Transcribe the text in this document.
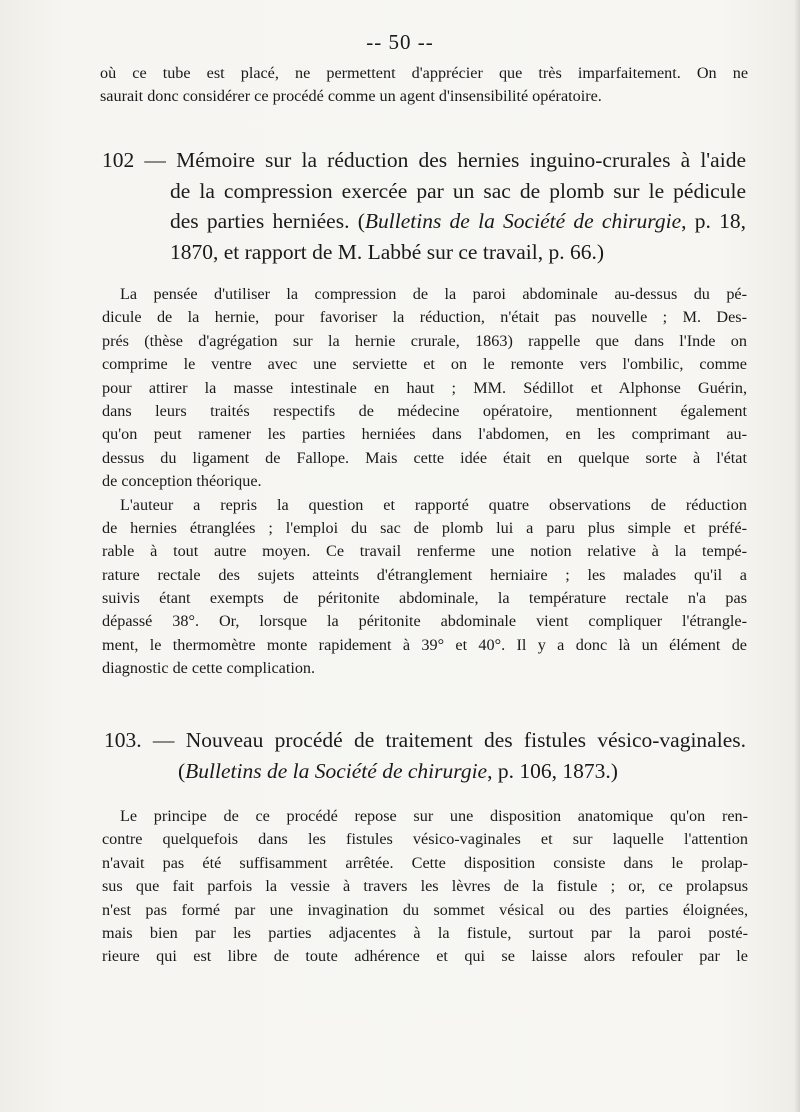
-- 50 --
où ce tube est placé, ne permettent d'apprécier que très imparfaitement. On ne
saurait donc considérer ce procédé comme un agent d'insensibilité opératoire.
102 — Mémoire sur la réduction des hernies inguino-crurales à l'aide
de la compression exercée par un sac de plomb sur le pédicule
des parties herniées. (Bulletins de la Société de chirurgie, p. 18,
1870, et rapport de M. Labbé sur ce travail, p. 66.)
La pensée d'utiliser la compression de la paroi abdominale au-dessus du pé-
dicule de la hernie, pour favoriser la réduction, n'était pas nouvelle ; M. Des-
prés (thèse d'agrégation sur la hernie crurale, 1863) rappelle que dans l'Inde on
comprime le ventre avec une serviette et on le remonte vers l'ombilic, comme
pour attirer la masse intestinale en haut ; MM. Sédillot et Alphonse Guérin,
dans leurs traités respectifs de médecine opératoire, mentionnent également
qu'on peut ramener les parties herniées dans l'abdomen, en les comprimant au-
dessus du ligament de Fallope. Mais cette idée était en quelque sorte à l'état
de conception théorique.
L'auteur a repris la question et rapporté quatre observations de réduction
de hernies étranglées ; l'emploi du sac de plomb lui a paru plus simple et préfé-
rable à tout autre moyen. Ce travail renferme une notion relative à la tempé-
rature rectale des sujets atteints d'étranglement herniaire ; les malades qu'il a
suivis étant exempts de péritonite abdominale, la température rectale n'a pas
dépassé 38°. Or, lorsque la péritonite abdominale vient compliquer l'étrangle-
ment, le thermomètre monte rapidement à 39° et 40°. Il y a donc là un élément de
diagnostic de cette complication.
103. — Nouveau procédé de traitement des fistules vésico-vaginales.
(Bulletins de la Société de chirurgie, p. 106, 1873.)
Le principe de ce procédé repose sur une disposition anatomique qu'on ren-
contre quelquefois dans les fistules vésico-vaginales et sur laquelle l'attention
n'avait pas été suffisamment arrêtée. Cette disposition consiste dans le prolap-
sus que fait parfois la vessie à travers les lèvres de la fistule ; or, ce prolapsus
n'est pas formé par une invagination du sommet vésical ou des parties éloignées,
mais bien par les parties adjacentes à la fistule, surtout par la paroi posté-
rieure qui est libre de toute adhérence et qui se laisse alors refouler par le
